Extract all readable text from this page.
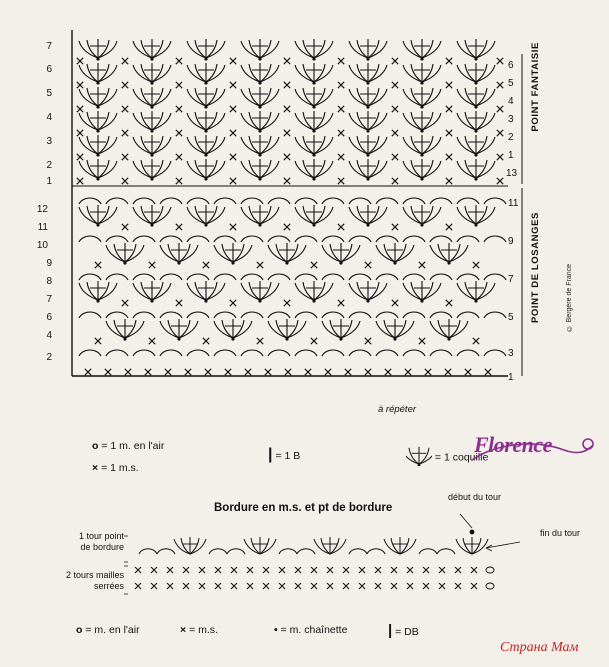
7
6
5
4
3
2
1
12
11
10
9
8
7
6
4
2
6
5
4
3
2
1
13
11
9
7
5
3
1
POINT FANTAISIE
POINT DE LOSANGES	© Bergère de France
à répéter
o = 1 m. en l'air
× = 1 m.s.
| = 1 B	= 1 coquille
Florence
Bordure en m.s. et pt de bordure
début du tour
fin du tour
1 tour point
de bordure
2 tours mailles
serrées
o = m. en l'air	× = m.s.	• = m. chaînette	| = DB
Страна Мам
